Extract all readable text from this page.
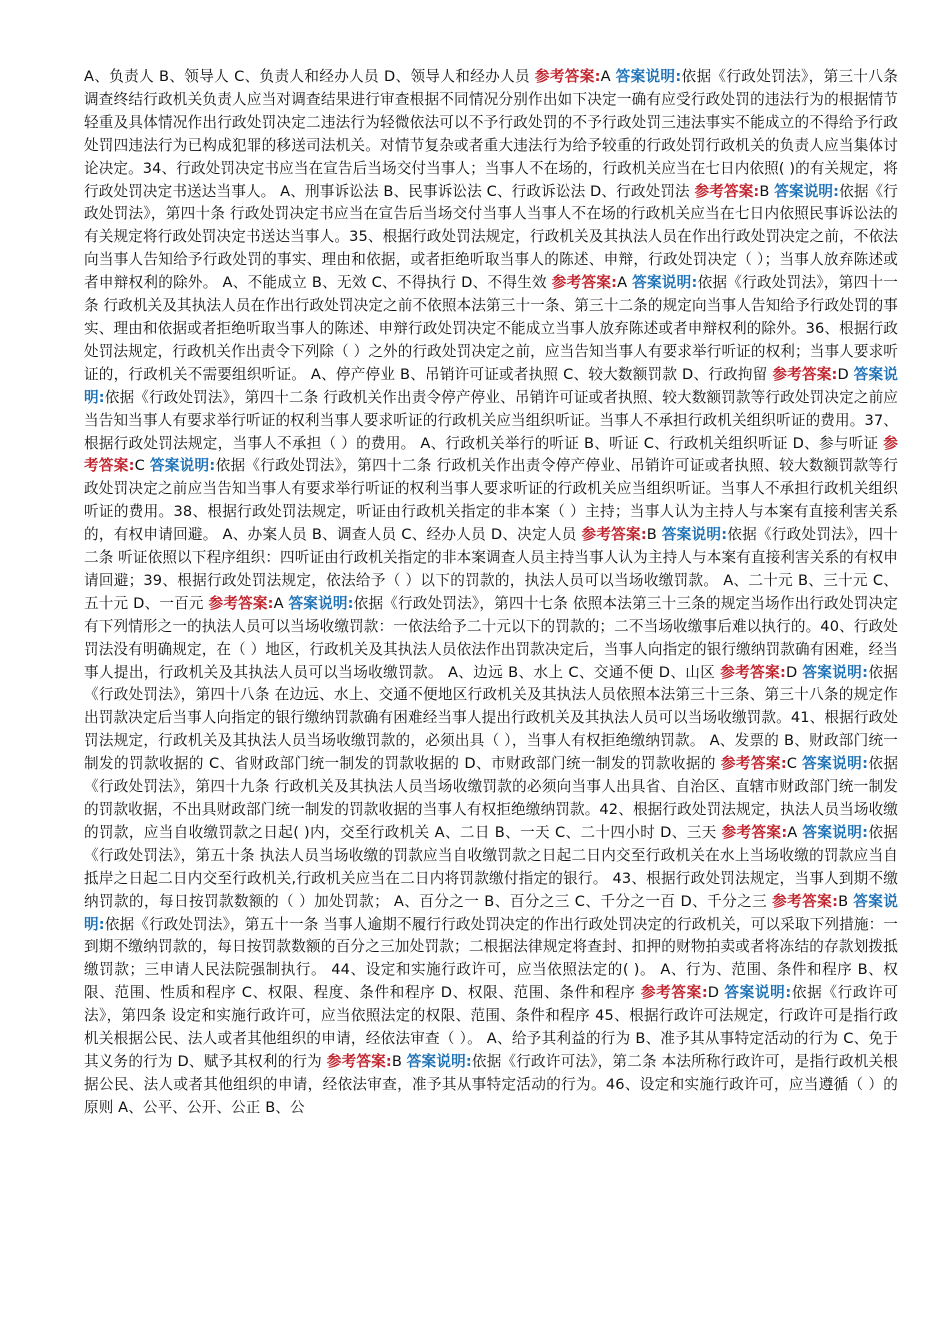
A、负责人 B、领导人 C、负责人和经办人员 D、领导人和经办人员 参考答案:A 答案说明:依据《行政处罚法》，第三十八条 调查终结行政机关负责人应当对调查结果进行审查根据不同情况分别作出如下决定一确有应受行政处罚的违法行为的根据情节轻重及具体情况作出行政处罚决定二违法行为轻微依法可以不予行政处罚的不予行政处罚三违法事实不能成立的不得给予行政处罚四违法行为已构成犯罪的移送司法机关。对情节复杂或者重大违法行为给予较重的行政处罚行政机关的负责人应当集体讨论决定。34、行政处罚决定书应当在宣告后当场交付当事人；当事人不在场的，行政机关应当在七日内依照( )的有关规定，将行政处罚决定书送达当事人。 A、刑事诉讼法 B、民事诉讼法 C、行政诉讼法 D、行政处罚法 参考答案:B 答案说明:依据《行政处罚法》，第四十条 行政处罚决定书应当在宣告后当场交付当事人当事人不在场的行政机关应当在七日内依照民事诉讼法的有关规定将行政处罚决定书送达当事人。35、根据行政处罚法规定，行政机关及其执法人员在作出行政处罚决定之前，不依法向当事人告知给予行政处罚的事实、理由和依据，或者拒绝听取当事人的陈述、申辩，行政处罚决定（ ）；当事人放弃陈述或者申辩权利的除外。 A、不能成立 B、无效 C、不得执行 D、不得生效 参考答案:A 答案说明:依据《行政处罚法》，第四十一条 行政机关及其执法人员在作出行政处罚决定之前不依照本法第三十一条、第三十二条的规定向当事人告知给予行政处罚的事实、理由和依据或者拒绝听取当事人的陈述、申辩行政处罚决定不能成立当事人放弃陈述或者申辩权利的除外。36、根据行政处罚法规定，行政机关作出责令下列除（ ）之外的行政处罚决定之前，应当告知当事人有要求举行听证的权利；当事人要求听证的，行政机关不需要组织听证。 A、停产停业 B、吊销许可证或者执照 C、较大数额罚款 D、行政拘留 参考答案:D 答案说明:依据《行政处罚法》，第四十二条 行政机关作出责令停产停业、吊销许可证或者执照、较大数额罚款等行政处罚决定之前应当告知当事人有要求举行听证的权利当事人要求听证的行政机关应当组织听证。当事人不承担行政机关组织听证的费用。37、根据行政处罚法规定，当事人不承担（ ）的费用。 A、行政机关举行的听证 B、听证 C、行政机关组织听证 D、参与听证 参考答案:C 答案说明:依据《行政处罚法》，第四十二条 行政机关作出责令停产停业、吊销许可证或者执照、较大数额罚款等行政处罚决定之前应当告知当事人有要求举行听证的权利当事人要求听证的行政机关应当组织听证。当事人不承担行政机关组织听证的费用。38、根据行政处罚法规定，听证由行政机关指定的非本案（ ）主持；当事人认为主持人与本案有直接利害关系的，有权申请回避。 A、办案人员 B、调查人员 C、经办人员 D、决定人员 参考答案:B 答案说明:依据《行政处罚法》，四十二条 听证依照以下程序组织：四听证由行政机关指定的非本案调查人员主持当事人认为主持人与本案有直接利害关系的有权申请回避；39、根据行政处罚法规定，依法给予（ ）以下的罚款的，执法人员可以当场收缴罚款。 A、二十元 B、三十元 C、五十元 D、一百元 参考答案:A 答案说明:依据《行政处罚法》，第四十七条 依照本法第三十三条的规定当场作出行政处罚决定有下列情形之一的执法人员可以当场收缴罚款：一依法给予二十元以下的罚款的；二不当场收缴事后难以执行的。40、行政处罚法没有明确规定，在（ ）地区，行政机关及其执法人员依法作出罚款决定后，当事人向指定的银行缴纳罚款确有困难，经当事人提出，行政机关及其执法人员可以当场收缴罚款。 A、边远 B、水上 C、交通不便 D、山区 参考答案:D 答案说明:依据《行政处罚法》，第四十八条 在边远、水上、交通不便地区行政机关及其执法人员依照本法第三十三条、第三十八条的规定作出罚款决定后当事人向指定的银行缴纳罚款确有困难经当事人提出行政机关及其执法人员可以当场收缴罚款。41、根据行政处罚法规定，行政机关及其执法人员当场收缴罚款的，必须出具（ ），当事人有权拒绝缴纳罚款。 A、发票的 B、财政部门统一制发的罚款收据的 C、省财政部门统一制发的罚款收据的 D、市财政部门统一制发的罚款收据的 参考答案:C 答案说明:依据《行政处罚法》，第四十九条 行政机关及其执法人员当场收缴罚款的必须向当事人出具省、自治区、直辖市财政部门统一制发的罚款收据，不出具财政部门统一制发的罚款收据的当事人有权拒绝缴纳罚款。42、根据行政处罚法规定，执法人员当场收缴的罚款，应当自收缴罚款之日起( )内，交至行政机关 A、二日 B、一天 C、二十四小时 D、三天 参考答案:A 答案说明:依据《行政处罚法》，第五十条 执法人员当场收缴的罚款应当自收缴罚款之日起二日内交至行政机关在水上当场收缴的罚款应当自抵岸之日起二日内交至行政机关,行政机关应当在二日内将罚款缴付指定的银行。 43、根据行政处罚法规定，当事人到期不缴纳罚款的，每日按罚款数额的（ ）加处罚款； A、百分之一 B、百分之三 C、千分之一百 D、千分之三 参考答案:B 答案说明:依据《行政处罚法》，第五十一条 当事人逾期不履行行政处罚决定的作出行政处罚决定的行政机关，可以采取下列措施：一到期不缴纳罚款的，每日按罚款数额的百分之三加处罚款；二根据法律规定将查封、扣押的财物拍卖或者将冻结的存款划拨抵缴罚款；三申请人民法院强制执行。 44、设定和实施行政许可，应当依照法定的( )。 A、行为、范围、条件和程序 B、权限、范围、性质和程序 C、权限、程度、条件和程序 D、权限、范围、条件和程序 参考答案:D 答案说明:依据《行政许可法》，第四条 设定和实施行政许可，应当依照法定的权限、范围、条件和程序 45、根据行政许可法规定，行政许可是指行政机关根据公民、法人或者其他组织的申请，经依法审查（ ）。 A、给予其利益的行为 B、准予其从事特定活动的行为 C、免于其义务的行为 D、赋予其权利的行为 参考答案:B 答案说明:依据《行政许可法》，第二条 本法所称行政许可，是指行政机关根据公民、法人或者其他组织的申请，经依法审查，准予其从事特定活动的行为。46、设定和实施行政许可，应当遵循（ ）的原则 A、公平、公开、公正 B、公
